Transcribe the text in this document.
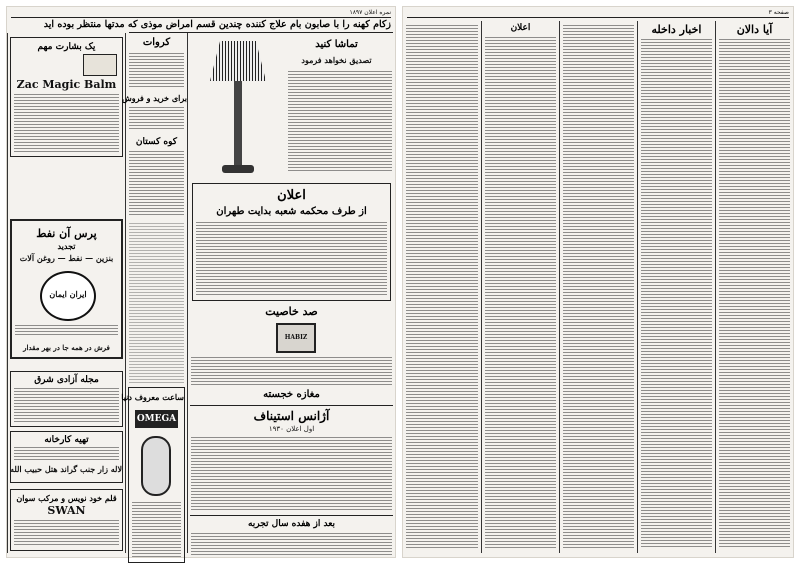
نمره اعلان ۱۸۹۷
زکام کهنه را با صابون بام علاج کننده چندین قسم امراض موذی که مدتها منتظر بوده اید
یک بشارت مهم
Zac Magic Balm
پرس آن نفط
تجدید
بنزین — نفط — روغن آلات
ایران ایمان
فرش در همه جا در بهر مقدار
مجله آزادی شرق
تهیه کارخانه
لاله زار جنب گراند هتل حبیب الله
قلم خود نویس و مرکب سوان
SWAN
کروات
برای خرید و فروش
کوه کستان
ساعت معروف دنیا
OMEGA
تماشا کنید
تصدیق نخواهد فرمود
اعلان
از طرف محکمه شعبه بدایت طهران
صد خاصیت
HABIZ
مغازه خجسته
آژانس استیناف
اول اعلان ۱۹۳۰
بعد از هفده سال تجربه
صفحه ۳
آیا دالان
اخبار داخله
اعلان
